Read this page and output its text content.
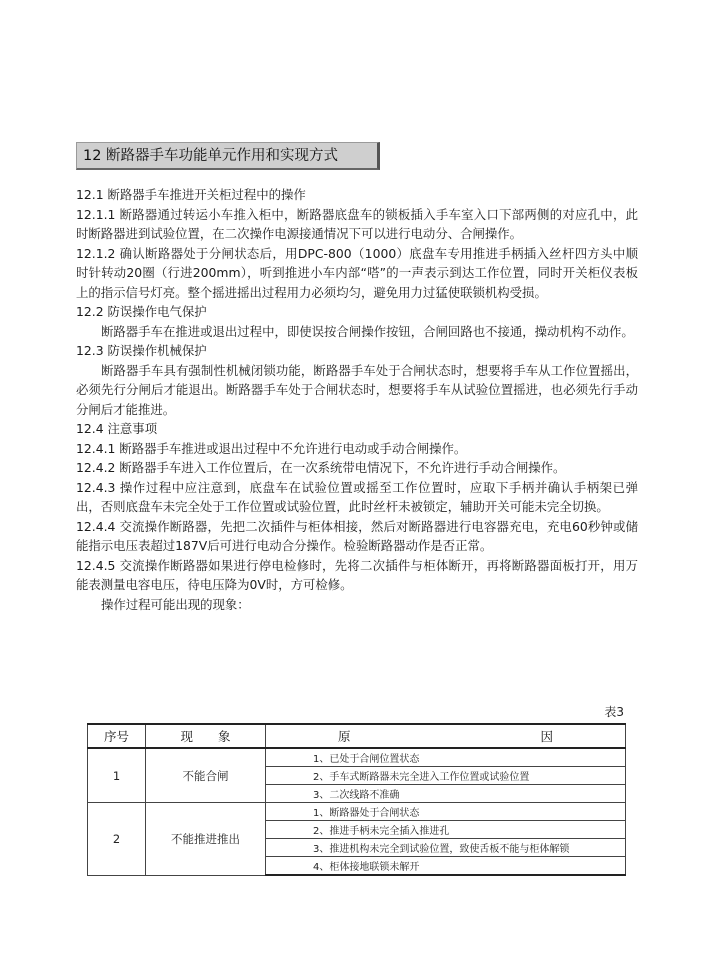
12 断路器手车功能单元作用和实现方式

12.1 断路器手车推进开关柜过程中的操作

12.1.1 断路器通过转运小车推入柜中，断路器底盘车的锁板插入手车室入口下部两侧的对应孔中，此时断路器进到试验位置，在二次操作电源接通情况下可以进行电动分、合闸操作。

12.1.2 确认断路器处于分闸状态后，用DPC-800（1000）底盘车专用推进手柄插入丝杆四方头中顺时针转动20圈（行进200mm），听到推进小车内部“嗒”的一声表示到达工作位置，同时开关柜仪表板上的指示信号灯亮。整个摇进摇出过程用力必须均匀，避免用力过猛使联锁机构受损。

12.2 防误操作电气保护

断路器手车在推进或退出过程中，即使误按合闸操作按钮，合闸回路也不接通，操动机构不动作。

12.3 防误操作机械保护

断路器手车具有强制性机械闭锁功能，断路器手车处于合闸状态时，想要将手车从工作位置摇出，必须先行分闸后才能退出。断路器手车处于合闸状态时，想要将手车从试验位置摇进，也必须先行手动分闸后才能推进。

12.4 注意事项

12.4.1 断路器手车推进或退出过程中不允许进行电动或手动合闸操作。

12.4.2 断路器手车进入工作位置后，在一次系统带电情况下，不允许进行手动合闸操作。

12.4.3 操作过程中应注意到，底盘车在试验位置或摇至工作位置时，应取下手柄并确认手柄架已弹出，否则底盘车未完全处于工作位置或试验位置，此时丝杆未被锁定，辅助开关可能未完全切换。

12.4.4 交流操作断路器，先把二次插件与柜体相接，然后对断路器进行电容器充电，充电60秒钟或储能指示电压表超过187V后可进行电动合分操作。检验断路器动作是否正常。

12.4.5 交流操作断路器如果进行停电检修时，先将二次插件与柜体断开，再将断路器面板打开，用万能表测量电容电压，待电压降为0V时，方可检修。

操作过程可能出现的现象：

表3
序号	现　　象	原 因
1	不能合闸	1、已处于合闸位置状态
		2、手车式断路器未完全进入工作位置或试验位置
		3、二次线路不准确
2	不能推进推出	1、断路器处于合闸状态
		2、推进手柄未完全插入推进孔
		3、推进机构未完全到试验位置，致使舌板不能与柜体解锁
		4、柜体接地联锁未解开
